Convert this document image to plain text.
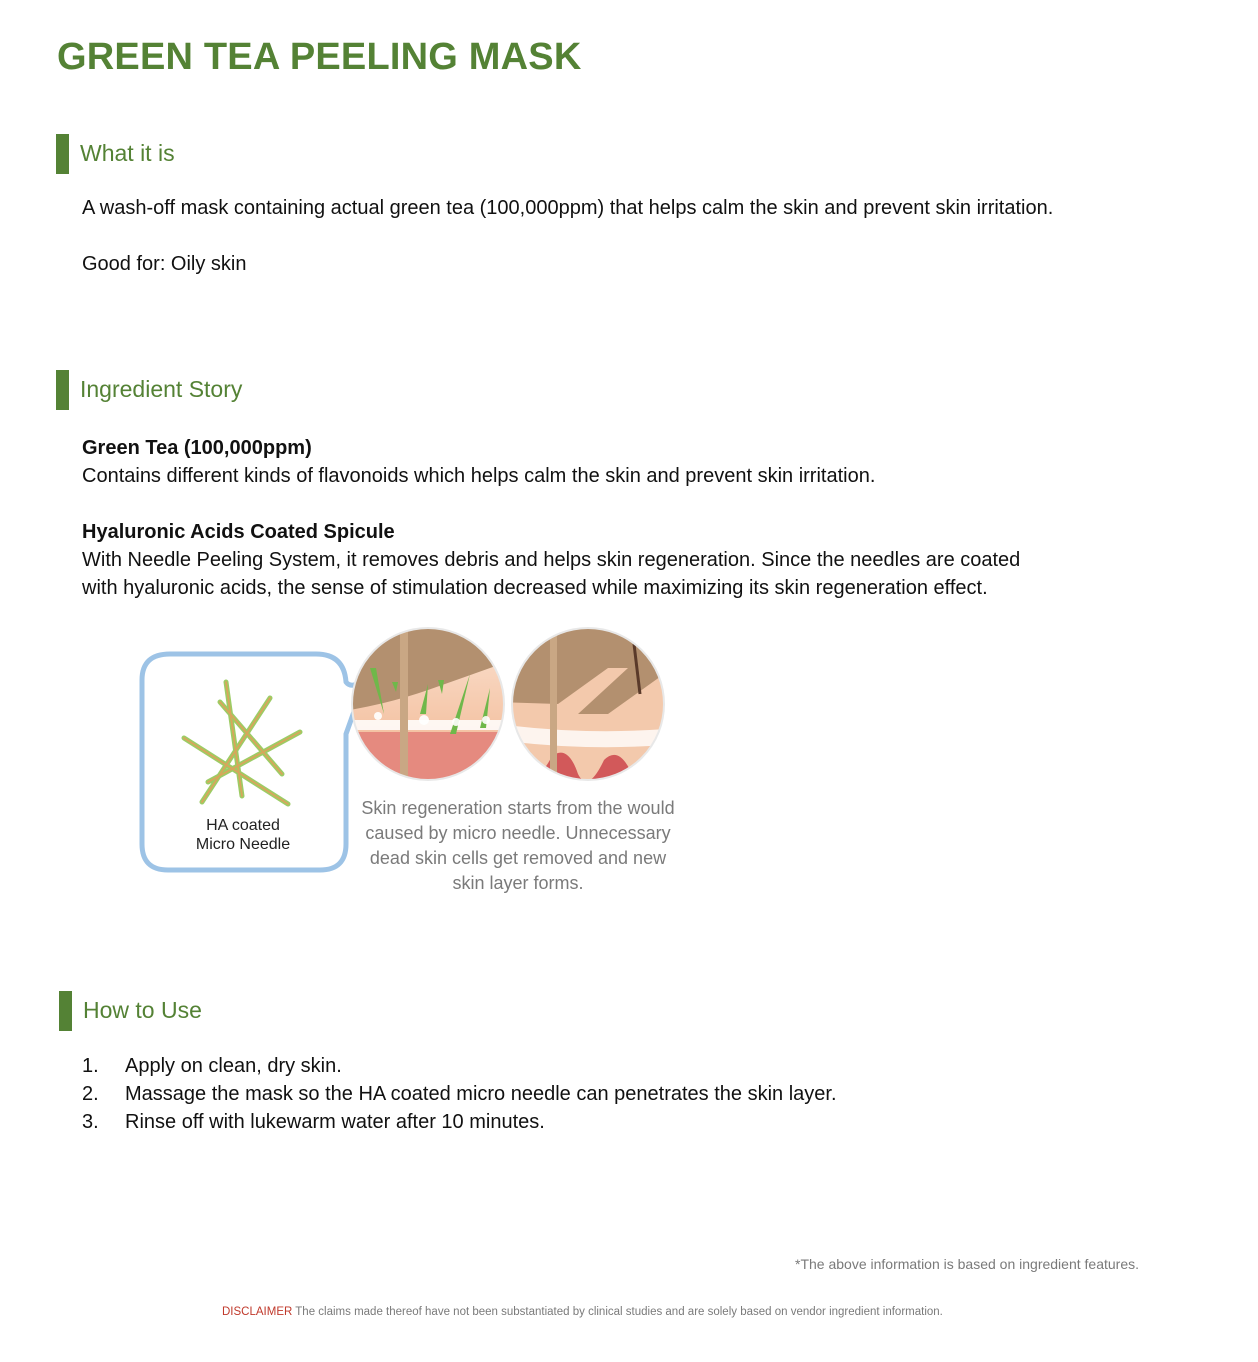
GREEN TEA PEELING MASK
What it is
A wash-off mask containing actual green tea (100,000ppm) that helps calm the skin and prevent skin irritation.
Good for: Oily skin
Ingredient Story
Green Tea (100,000ppm)
Contains different kinds of flavonoids which helps calm the skin and prevent skin irritation.
Hyaluronic Acids Coated Spicule
With Needle Peeling System, it removes debris and helps skin regeneration. Since the needles are coated
with hyaluronic acids, the sense of stimulation decreased while maximizing its skin regeneration effect.
HA coated
Micro Needle
Skin regeneration starts from the would caused by micro needle. Unnecessary dead skin cells get removed and new skin layer forms.
How to Use
1. Apply on clean, dry skin.
2. Massage the mask so the HA coated micro needle can penetrates the skin layer.
3. Rinse off with lukewarm water after 10 minutes.
*The above information is based on ingredient features.
DISCLAIMER The claims made thereof have not been substantiated by clinical studies and are solely based on vendor ingredient information.
